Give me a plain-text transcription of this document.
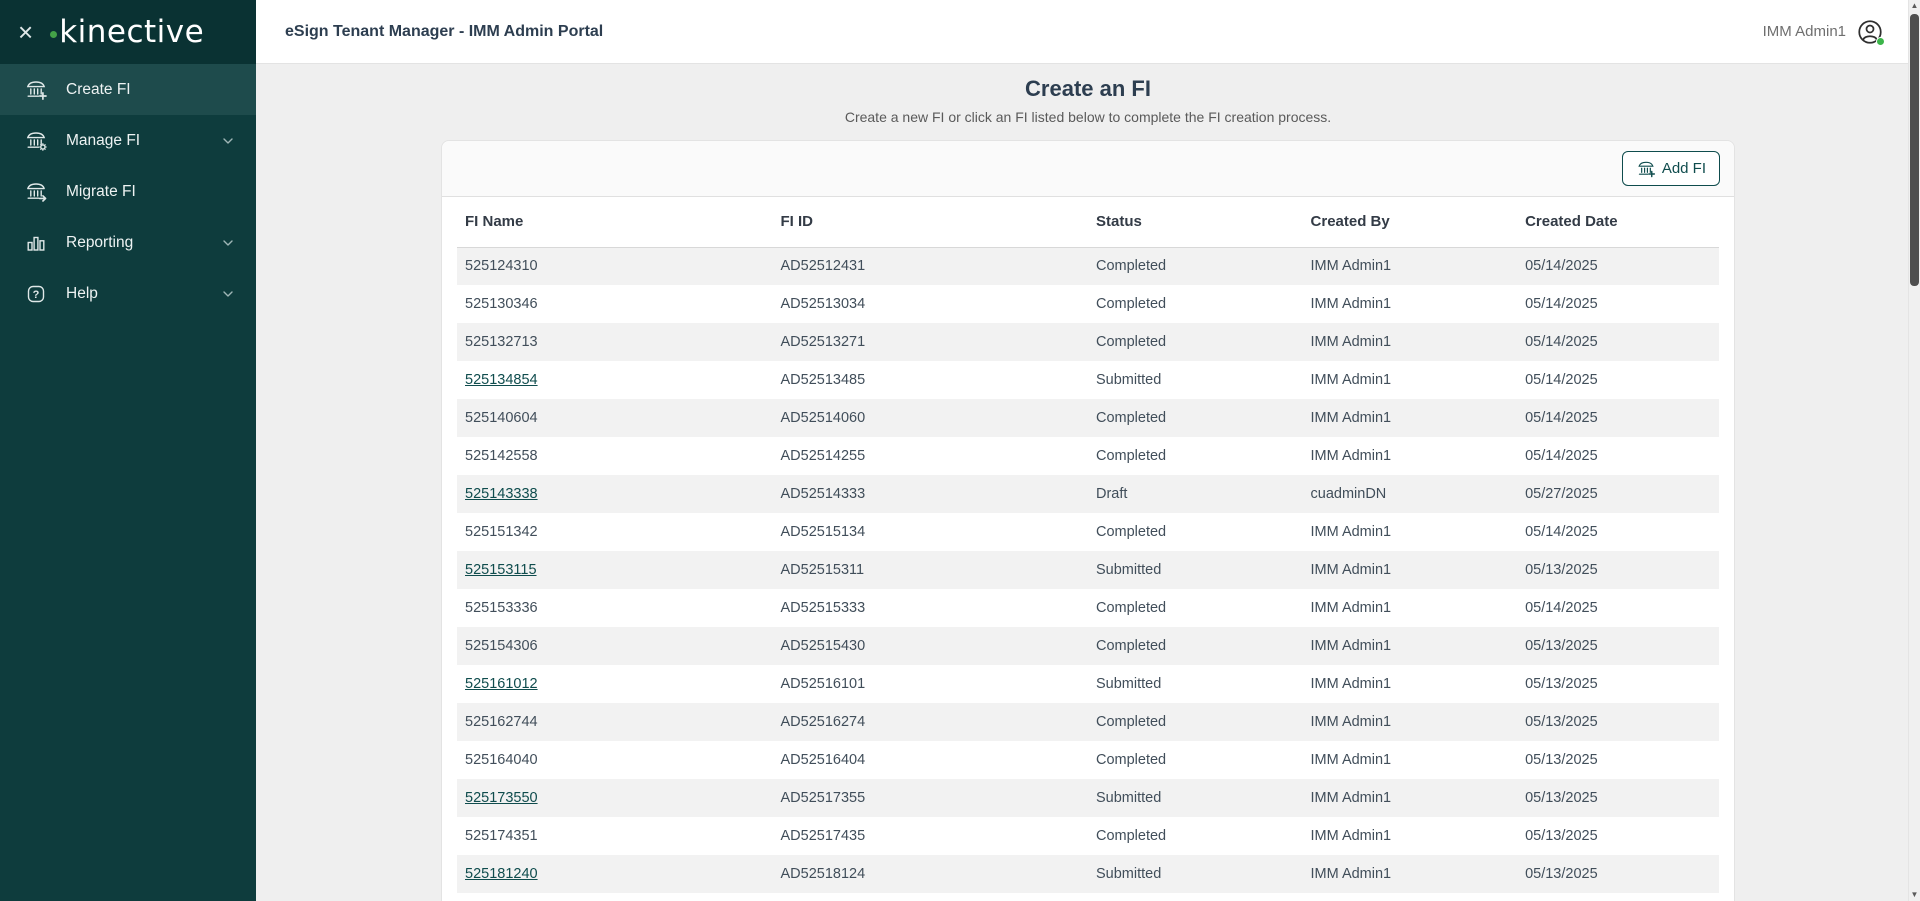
× kinective
Create FI
Manage FI
Migrate FI
Reporting
Help
eSign Tenant Manager - IMM Admin Portal	IMM Admin1
Create an FI

Create a new FI or click an FI listed below to complete the FI creation process.

Add FI
FI Name	FI ID	Status	Created By	Created Date
525124310	AD52512431	Completed	IMM Admin1	05/14/2025
525130346	AD52513034	Completed	IMM Admin1	05/14/2025
525132713	AD52513271	Completed	IMM Admin1	05/14/2025
525134854	AD52513485	Submitted	IMM Admin1	05/14/2025
525140604	AD52514060	Completed	IMM Admin1	05/14/2025
525142558	AD52514255	Completed	IMM Admin1	05/14/2025
525143338	AD52514333	Draft	cuadminDN	05/27/2025
525151342	AD52515134	Completed	IMM Admin1	05/14/2025
525153115	AD52515311	Submitted	IMM Admin1	05/13/2025
525153336	AD52515333	Completed	IMM Admin1	05/14/2025
525154306	AD52515430	Completed	IMM Admin1	05/13/2025
525161012	AD52516101	Submitted	IMM Admin1	05/13/2025
525162744	AD52516274	Completed	IMM Admin1	05/13/2025
525164040	AD52516404	Completed	IMM Admin1	05/13/2025
525173550	AD52517355	Submitted	IMM Admin1	05/13/2025
525174351	AD52517435	Completed	IMM Admin1	05/13/2025
525181240	AD52518124	Submitted	IMM Admin1	05/13/2025
▲
▼
